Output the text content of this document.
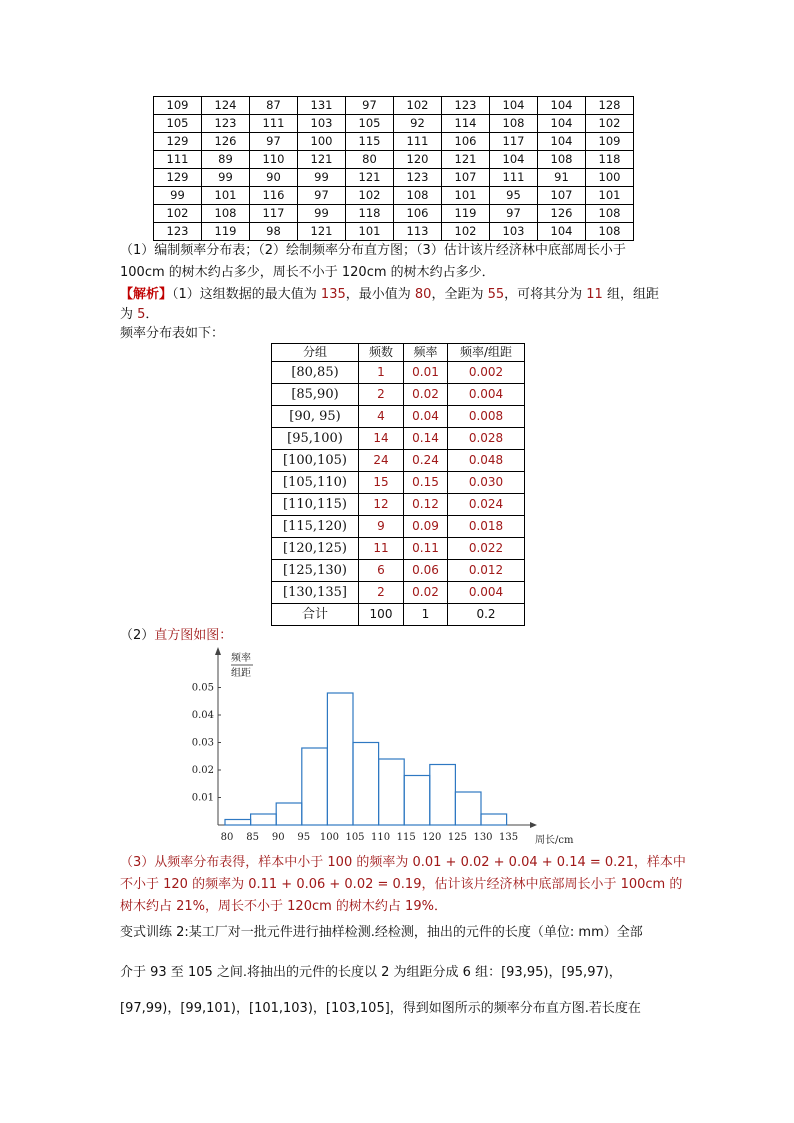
109	124	87	131	97	102	123	104	104	128
105	123	111	103	105	92	114	108	104	102
129	126	97	100	115	111	106	117	104	109
111	89	110	121	80	120	121	104	108	118
129	99	90	99	121	123	107	111	91	100
99	101	116	97	102	108	101	95	107	101
102	108	117	99	118	106	119	97	126	108
123	119	98	121	101	113	102	103	104	108
（1）编制频率分布表；（2）绘制频率分布直方图；（3）估计该片经济林中底部周长小于
100cm 的树木约占多少，周长不小于 120cm 的树木约占多少．
【解析】（1）这组数据的最大值为 135，最小值为 80，全距为 55，可将其分为 11 组，组距
为 5．
频率分布表如下：
分组	频数	频率	频率/组距
[80,85)	1	0.01	0.002
[85,90)	2	0.02	0.004
[90, 95)	4	0.04	0.008
[95,100)	14	0.14	0.028
[100,105)	24	0.24	0.048
[105,110)	15	0.15	0.030
[110,115)	12	0.12	0.024
[115,120)	9	0.09	0.018
[120,125)	11	0.11	0.022
[125,130)	6	0.06	0.012
[130,135]	2	0.02	0.004
合计	100	1	0.2
（2）直方图如图：
频率
组距
0.01
0.02
0.03
0.04
0.05
80 85 90 95 100 105 110 115 120 125 130 135 周长/cm
（3）从频率分布表得，样本中小于 100 的频率为 0.01 + 0.02 + 0.04 + 0.14 = 0.21，样本中
不小于 120 的频率为 0.11 + 0.06 + 0.02 = 0.19，估计该片经济林中底部周长小于 100cm 的
树木约占 21%，周长不小于 120cm 的树木约占 19%．
变式训练 2:某工厂对一批元件进行抽样检测.经检测，抽出的元件的长度（单位: mm）全部
介于 93 至 105 之间.将抽出的元件的长度以 2 为组距分成 6 组：[93,95)，[95,97)，
[97,99)，[99,101)，[101,103)，[103,105]，得到如图所示的频率分布直方图.若长度在
